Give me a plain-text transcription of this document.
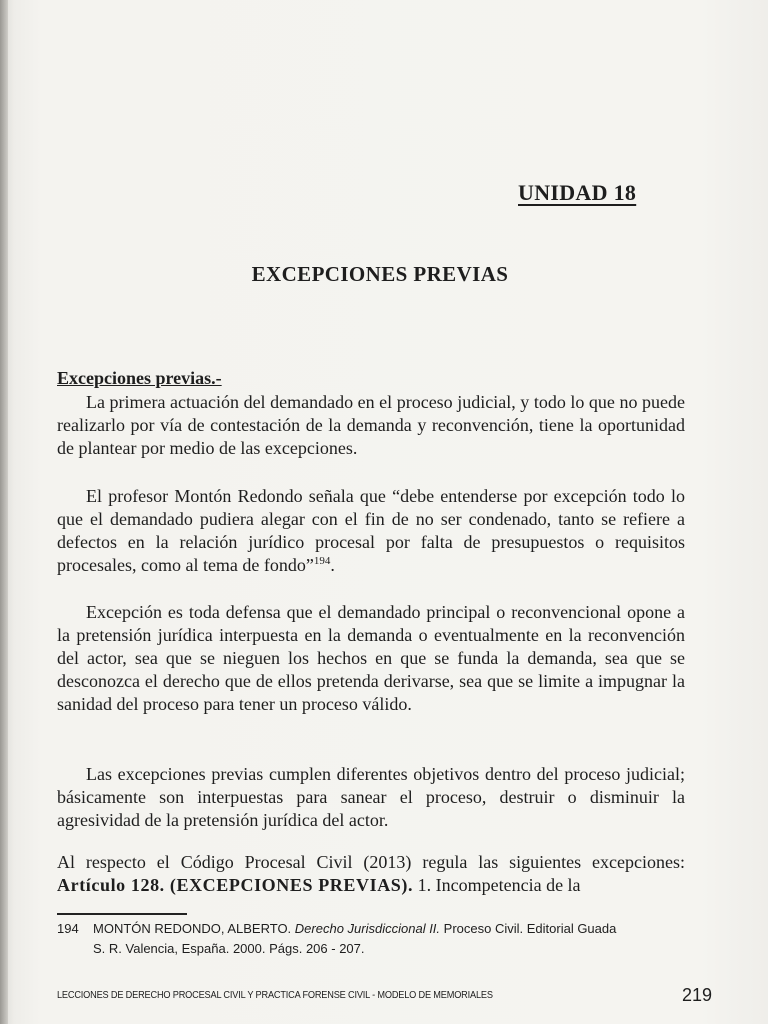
UNIDAD 18
EXCEPCIONES PREVIAS
Excepciones previas.-
La primera actuación del demandado en el proceso judicial, y todo lo que no puede realizarlo por vía de contestación de la demanda y reconvención, tiene la oportunidad de plantear por medio de las excepciones.
El profesor Montón Redondo señala que “debe entenderse por excepción todo lo que el demandado pudiera alegar con el fin de no ser condenado, tanto se refiere a defectos en la relación jurídico procesal por falta de presupuestos o requisitos procesales, como al tema de fondo”$^{194}$.
Excepción es toda defensa que el demandado principal o reconvencional opone a la pretensión jurídica interpuesta en la demanda o eventualmente en la reconvención del actor, sea que se nieguen los hechos en que se funda la demanda, sea que se desconozca el derecho que de ellos pretenda derivarse, sea que se limite a impugnar la sanidad del proceso para tener un proceso válido.
Las excepciones previas cumplen diferentes objetivos dentro del proceso judicial; básicamente son interpuestas para sanear el proceso, destruir o disminuir la agresividad de la pretensión jurídica del actor.
Al respecto el Código Procesal Civil (2013) regula las siguientes excepciones: Artículo 128. (EXCEPCIONES PREVIAS). 1. Incompetencia de la
194 MONTÓN REDONDO, ALBERTO. Derecho Jurisdiccional II. Proceso Civil. Editorial Guada
S. R. Valencia, España. 2000. Págs. 206 - 207.
LECCIONES DE DERECHO PROCESAL CIVIL Y PRACTICA FORENSE CIVIL - MODELO DE MEMORIALES	219
